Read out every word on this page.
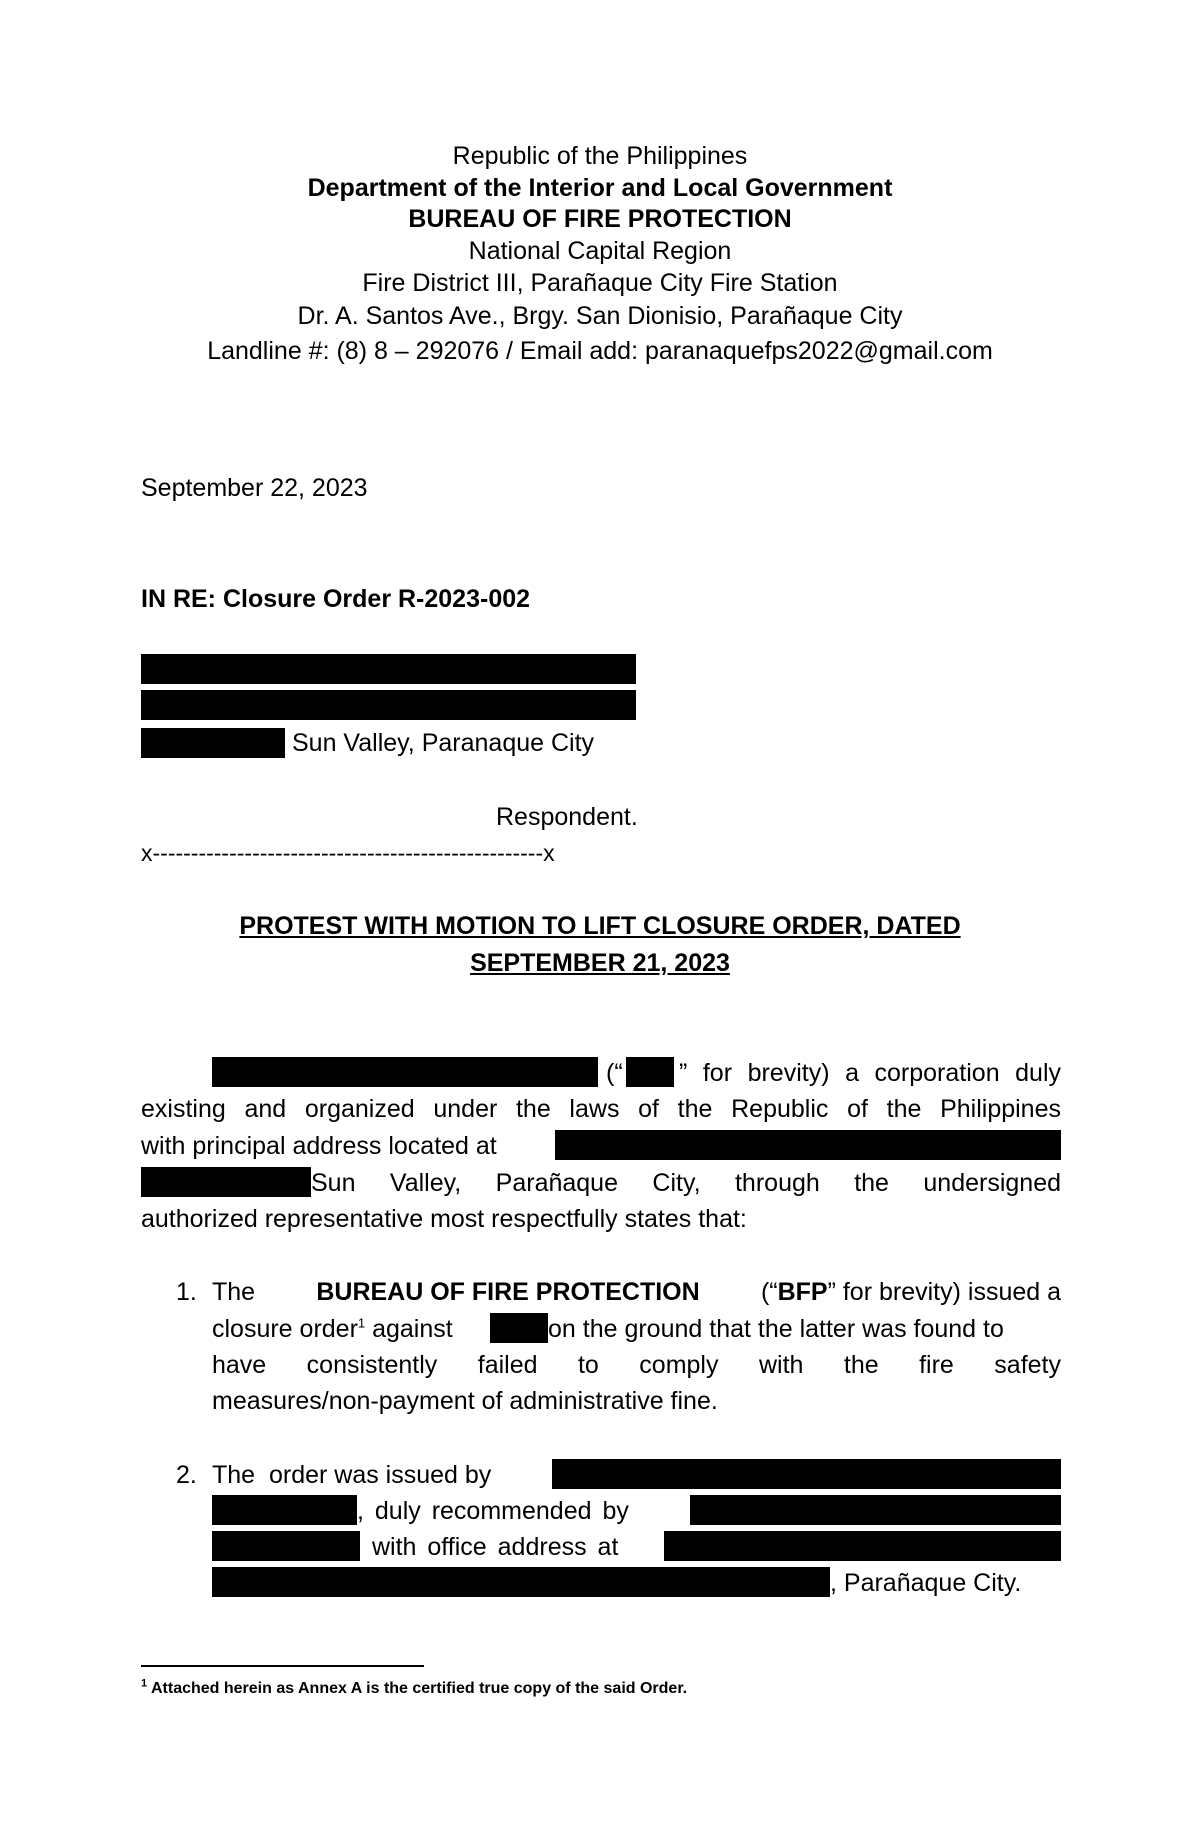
Republic of the Philippines
Department of the Interior and Local Government
BUREAU OF FIRE PROTECTION
National Capital Region
Fire District III, Parañaque City Fire Station
Dr. A. Santos Ave., Brgy. San Dionisio, Parañaque City
Landline #: (8) 8 – 292076 / Email add: paranaquefps2022@gmail.com
September 22, 2023
IN RE: Closure Order R-2023-002
Sun Valley, Paranaque City
Respondent.
x---------------------------------------------------x
PROTEST WITH MOTION TO LIFT CLOSURE ORDER, DATED
SEPTEMBER 21, 2023
(“ ” for brevity) a corporation duly
existing and organized under the laws of the Republic of the Philippines
with principal address located at
Sun Valley, Parañaque City, through the undersigned
authorized representative most respectfully states that:
1. The BUREAU OF FIRE PROTECTION (“BFP” for brevity) issued a
closure order$^1$ against	on the ground that the latter was found to
have consistently failed to comply with the fire safety
measures/non-payment of administrative fine.
2. The  order was issued by
, duly recommended by
with office address at
, Parañaque City.
$^1$ Attached herein as Annex A is the certified true copy of the said Order.
